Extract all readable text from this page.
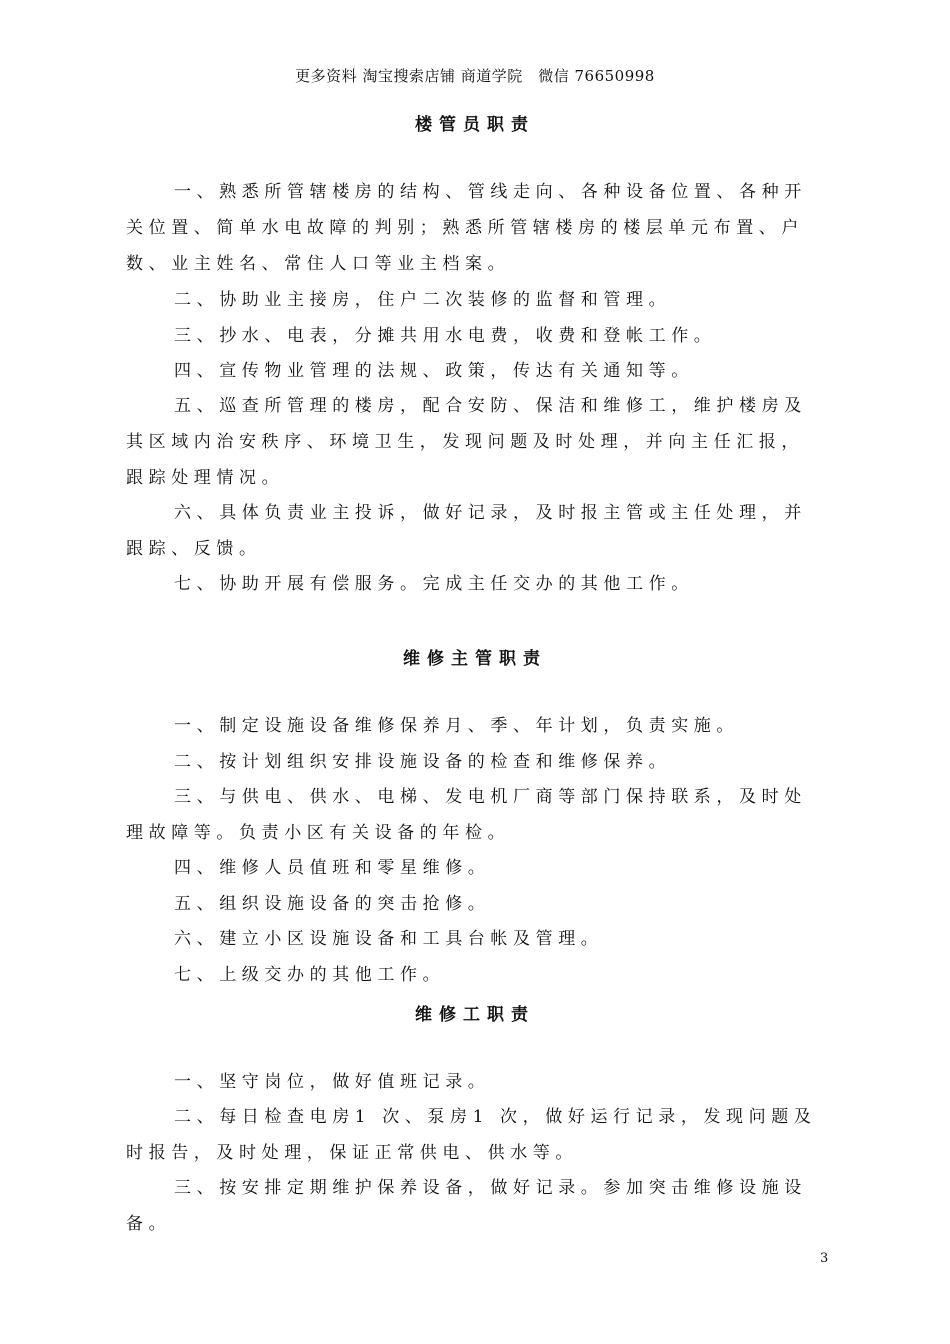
更多资料 淘宝搜索店铺 商道学院　微信 76650998
楼管员职责
一、熟悉所管辖楼房的结构、管线走向、各种设备位置、各种开关位置、简单水电故障的判别；熟悉所管辖楼房的楼层单元布置、户数、业主姓名、常住人口等业主档案。
二、协助业主接房，住户二次装修的监督和管理。
三、抄水、电表，分摊共用水电费，收费和登帐工作。
四、宣传物业管理的法规、政策，传达有关通知等。
五、巡查所管理的楼房，配合安防、保洁和维修工，维护楼房及其区域内治安秩序、环境卫生，发现问题及时处理，并向主任汇报，跟踪处理情况。
六、具体负责业主投诉，做好记录，及时报主管或主任处理，并跟踪、反馈。
七、协助开展有偿服务。完成主任交办的其他工作。
维修主管职责
一、制定设施设备维修保养月、季、年计划，负责实施。
二、按计划组织安排设施设备的检查和维修保养。
三、与供电、供水、电梯、发电机厂商等部门保持联系，及时处理故障等。负责小区有关设备的年检。
四、维修人员值班和零星维修。
五、组织设施设备的突击抢修。
六、建立小区设施设备和工具台帐及管理。
七、上级交办的其他工作。
维修工职责
一、坚守岗位，做好值班记录。
二、每日检查电房1 次、泵房1 次，做好运行记录，发现问题及时报告，及时处理，保证正常供电、供水等。
三、按安排定期维护保养设备，做好记录。参加突击维修设施设备。
3
